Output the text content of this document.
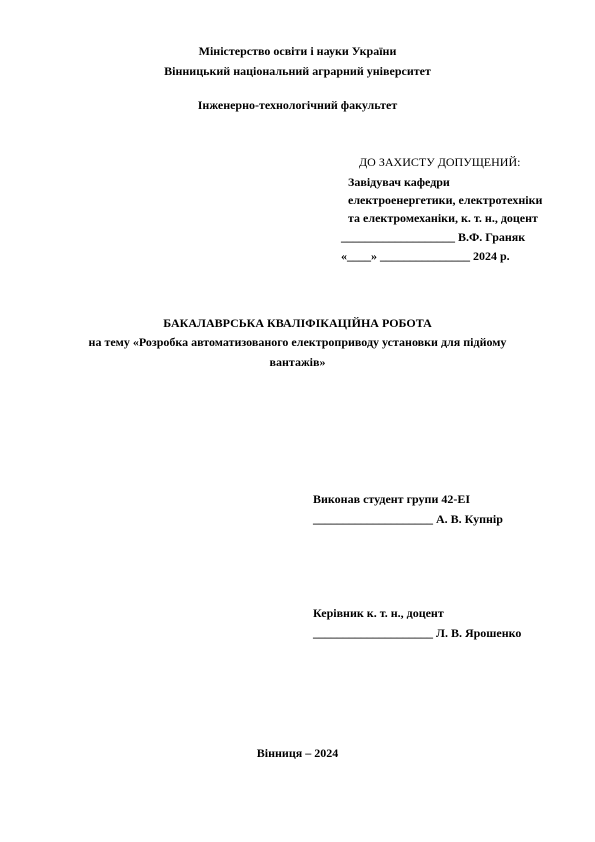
Міністерство освіти і науки України
Вінницький національний аграрний університет
Інженерно-технологічний факультет
ДО ЗАХИСТУ ДОПУЩЕНИЙ:
Завідувач кафедри
електроенергетики, електротехніки
та електромеханіки, к. т. н., доцент
___________________ В.Ф. Граняк
«____» _______________ 2024 р.
БАКАЛАВРСЬКА КВАЛІФІКАЦІЙНА РОБОТА
на тему «Розробка автоматизованого електроприводу установки для підйому
вантажів»
Виконав студент групи 42-ЕІ
____________________ А. В. Купнір
Керівник к. т. н., доцент
____________________ Л. В. Ярошенко
Вінниця – 2024
